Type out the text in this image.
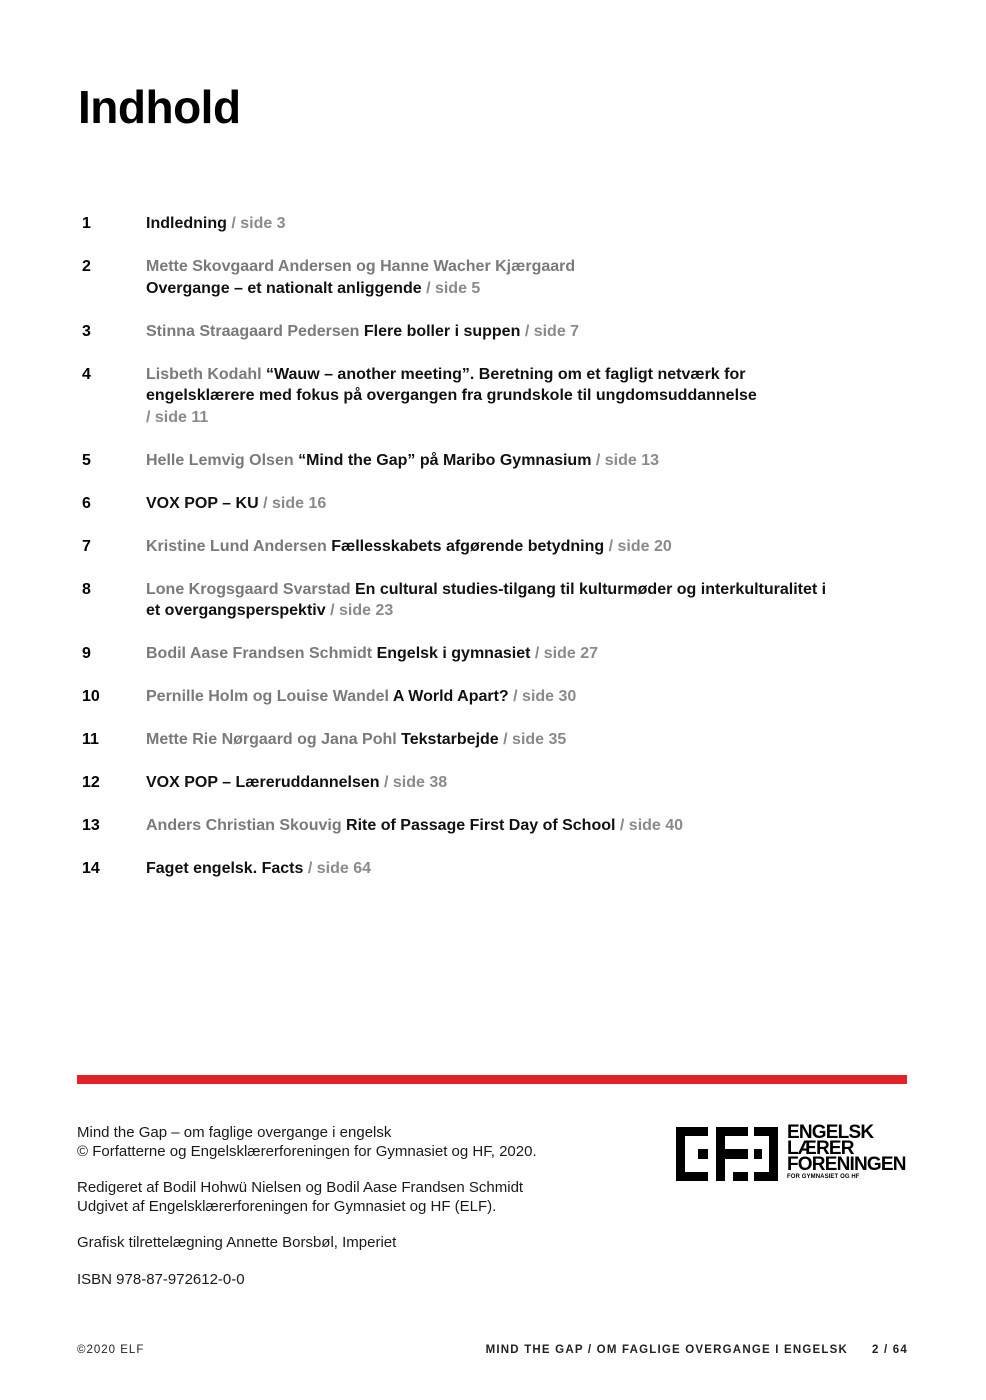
Indhold
1	Indledning / side 3
2	Mette Skovgaard Andersen og Hanne Wacher Kjærgaard
Overgange – et nationalt anliggende / side 5
3	Stinna Straagaard Pedersen Flere boller i suppen / side 7
4	Lisbeth Kodahl “Wauw – another meeting”. Beretning om et fagligt netværk for engelsklærere med fokus på overgangen fra grundskole til ungdomsuddannelse
/ side 11
5	Helle Lemvig Olsen “Mind the Gap” på Maribo Gymnasium / side 13
6	VOX POP – KU / side 16
7	Kristine Lund Andersen Fællesskabets afgørende betydning / side 20
8	Lone Krogsgaard Svarstad En cultural studies-tilgang til kulturmøder og interkulturalitet i et overgangsperspektiv / side 23
9	Bodil Aase Frandsen Schmidt Engelsk i gymnasiet / side 27
10	Pernille Holm og Louise Wandel A World Apart? / side 30
11	Mette Rie Nørgaard og Jana Pohl Tekstarbejde / side 35
12	VOX POP – Læreruddannelsen / side 38
13	Anders Christian Skouvig Rite of Passage First Day of School / side 40
14	Faget engelsk. Facts / side 64

Mind the Gap – om faglige overgange i engelsk
© Forfatterne og Engelsklærerforeningen for Gymnasiet og HF, 2020.

Redigeret af Bodil Hohwü Nielsen og Bodil Aase Frandsen Schmidt
Udgivet af Engelsklærerforeningen for Gymnasiet og HF (ELF).

Grafisk tilrettelægning Annette Borsbøl, Imperiet

ISBN 978-87-972612-0-0

ENGELSK
LÆRER
FORENINGEN
FOR GYMNASIET OG HF
©2020 ELF	MIND THE GAP / OM FAGLIGE OVERGANGE I ENGELSK 2 / 64
